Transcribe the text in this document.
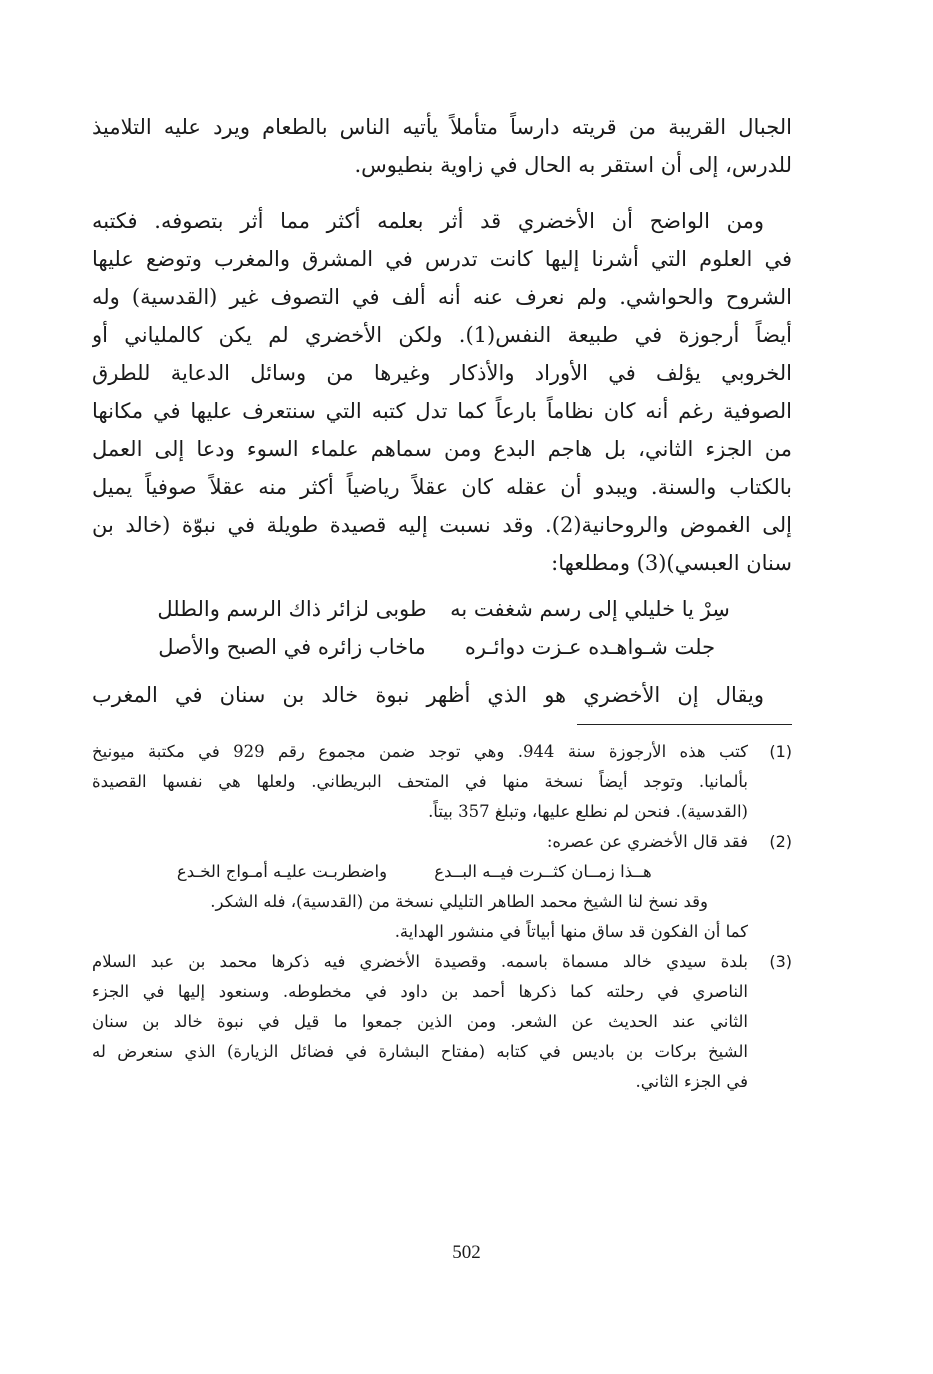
الجبال القريبة من قريته دارساً متأملاً يأتيه الناس بالطعام ويرد عليه التلاميذ
للدرس، إلى أن استقر به الحال في زاوية بنطيوس.
ومن الواضح أن الأخضري قد أثر بعلمه أكثر مما أثر بتصوفه. فكتبه
في العلوم التي أشرنا إليها كانت تدرس في المشرق والمغرب وتوضع عليها
الشروح والحواشي. ولم نعرف عنه أنه ألف في التصوف غير (القدسية) وله
أيضاً أرجوزة في طبيعة النفس(1). ولكن الأخضري لم يكن كالملياني أو
الخروبي يؤلف في الأوراد والأذكار وغيرها من وسائل الدعاية للطرق
الصوفية رغم أنه كان نظاماً بارعاً كما تدل كتبه التي سنتعرف عليها في مكانها
من الجزء الثاني، بل هاجم البدع ومن سماهم علماء السوء ودعا إلى العمل
بالكتاب والسنة. ويبدو أن عقله كان عقلاً رياضياً أكثر منه عقلاً صوفياً يميل
إلى الغموض والروحانية(2). وقد نسبت إليه قصيدة طويلة في نبوّة (خالد بن
سنان العبسي)(3) ومطلعها:
سِرْ يا خليلي إلى رسم شغفت به
طوبى لزائر ذاك الرسم والطلل
جلت شـواهـده عـزت دوائـره
ماخاب زائره في الصبح والأصل
ويقال إن الأخضري هو الذي أظهر نبوة خالد بن سنان في المغرب
(1)
كتب هذه الأرجوزة سنة 944. وهي توجد ضمن مجموع رقم 929 في مكتبة ميونيخ
بألمانيا. وتوجد أيضاً نسخة منها في المتحف البريطاني. ولعلها هي نفسها القصيدة
(القدسية). فنحن لم نطلع عليها، وتبلغ 357 بيتاً.
(2)
فقد قال الأخضري عن عصره:
هــذا زمــان كثــرت فيــه البــدع
واضطربـت عليـه أمـواج الخـدع
وقد نسخ لنا الشيخ محمد الطاهر التليلي نسخة من (القدسية)، فله الشكر.
كما أن الفكون قد ساق منها أبياتاً في منشور الهداية.
(3)
بلدة سيدي خالد مسماة باسمه. وقصيدة الأخضري فيه ذكرها محمد بن عبد السلام
الناصري في رحلته كما ذكرها أحمد بن داود في مخطوطه. وسنعود إليها في الجزء
الثاني عند الحديث عن الشعر. ومن الذين جمعوا ما قيل في نبوة خالد بن سنان
الشيخ بركات بن باديس في كتابه (مفتاح البشارة في فضائل الزيارة) الذي سنعرض له
في الجزء الثاني.
502
